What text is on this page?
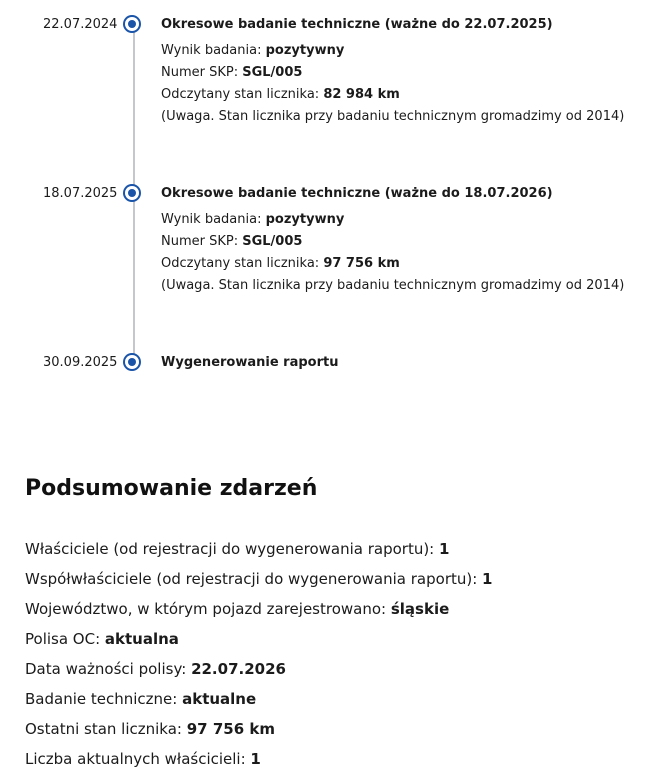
22.07.2024	Okresowe badanie techniczne (ważne do 22.07.2025)
Wynik badania: pozytywny
Numer SKP: SGL/005
Odczytany stan licznika: 82 984 km
(Uwaga. Stan licznika przy badaniu technicznym gromadzimy od 2014)
18.07.2025	Okresowe badanie techniczne (ważne do 18.07.2026)
Wynik badania: pozytywny
Numer SKP: SGL/005
Odczytany stan licznika: 97 756 km
(Uwaga. Stan licznika przy badaniu technicznym gromadzimy od 2014)
30.09.2025	Wygenerowanie raportu
Podsumowanie zdarzeń
Właściciele (od rejestracji do wygenerowania raportu): 1
Współwłaściciele (od rejestracji do wygenerowania raportu): 1
Województwo, w którym pojazd zarejestrowano: śląskie
Polisa OC: aktualna
Data ważności polisy: 22.07.2026
Badanie techniczne: aktualne
Ostatni stan licznika: 97 756 km
Liczba aktualnych właścicieli: 1
